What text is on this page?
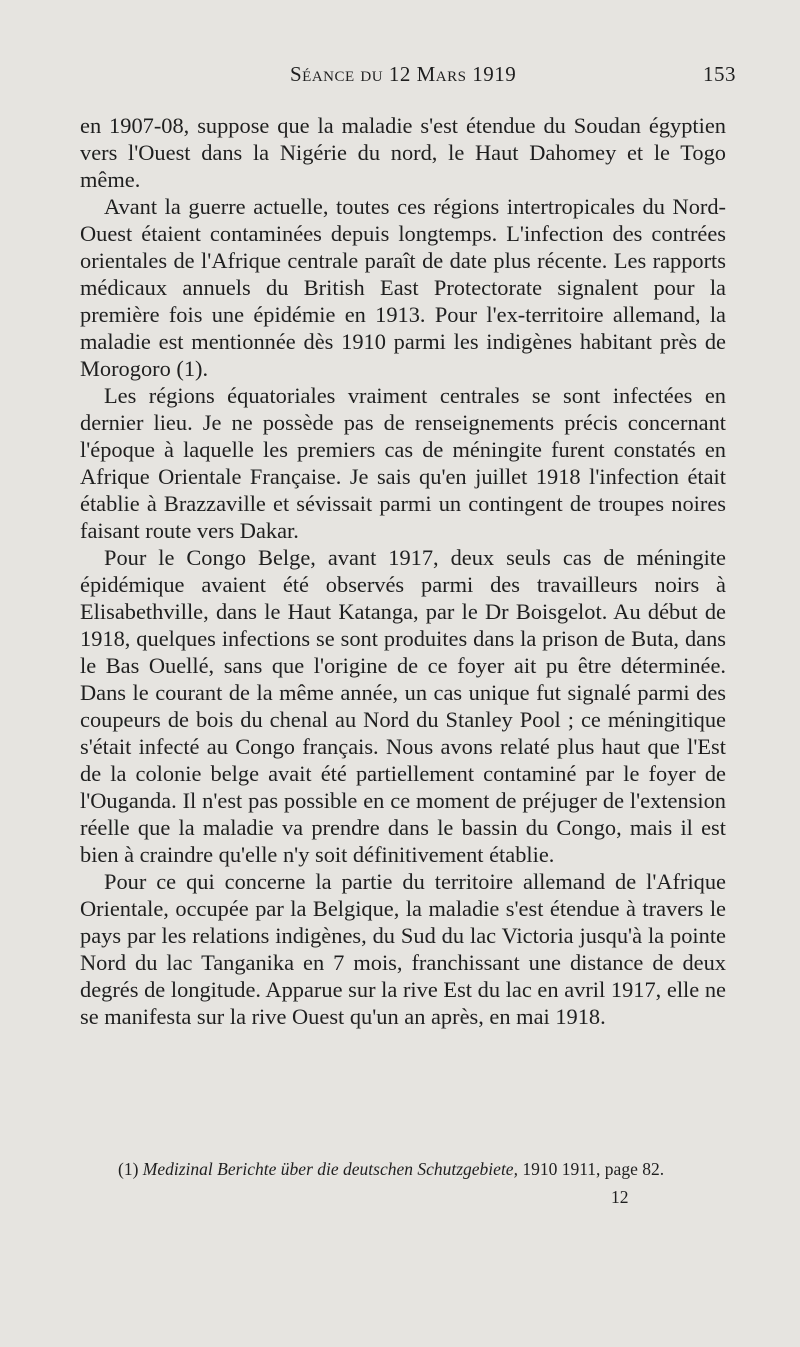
Séance du 12 Mars 1919	153

en 1907-08, suppose que la maladie s'est étendue du Soudan égyptien vers l'Ouest dans la Nigérie du nord, le Haut Dahomey et le Togo même.

Avant la guerre actuelle, toutes ces régions intertropicales du Nord-Ouest étaient contaminées depuis longtemps. L'infection des contrées orientales de l'Afrique centrale paraît de date plus récente. Les rapports médicaux annuels du British East Protectorate signalent pour la première fois une épidémie en 1913. Pour l'ex-territoire allemand, la maladie est mentionnée dès 1910 parmi les indigènes habitant près de Morogoro (1).

Les régions équatoriales vraiment centrales se sont infectées en dernier lieu. Je ne possède pas de renseignements précis concernant l'époque à laquelle les premiers cas de méningite furent constatés en Afrique Orientale Française. Je sais qu'en juillet 1918 l'infection était établie à Brazzaville et sévissait parmi un contingent de troupes noires faisant route vers Dakar.

Pour le Congo Belge, avant 1917, deux seuls cas de méningite épidémique avaient été observés parmi des travailleurs noirs à Elisabethville, dans le Haut Katanga, par le Dr Boisgelot. Au début de 1918, quelques infections se sont produites dans la prison de Buta, dans le Bas Ouellé, sans que l'origine de ce foyer ait pu être déterminée. Dans le courant de la même année, un cas unique fut signalé parmi des coupeurs de bois du chenal au Nord du Stanley Pool ; ce méningitique s'était infecté au Congo français. Nous avons relaté plus haut que l'Est de la colonie belge avait été partiellement contaminé par le foyer de l'Ouganda. Il n'est pas possible en ce moment de préjuger de l'extension réelle que la maladie va prendre dans le bassin du Congo, mais il est bien à craindre qu'elle n'y soit définitivement établie.

Pour ce qui concerne la partie du territoire allemand de l'Afrique Orientale, occupée par la Belgique, la maladie s'est étendue à travers le pays par les relations indigènes, du Sud du lac Victoria jusqu'à la pointe Nord du lac Tanganika en 7 mois, franchissant une distance de deux degrés de longitude. Apparue sur la rive Est du lac en avril 1917, elle ne se manifesta sur la rive Ouest qu'un an après, en mai 1918.

(1) Medizinal Berichte über die deutschen Schutzgebiete, 1910 1911, page 82.
12
